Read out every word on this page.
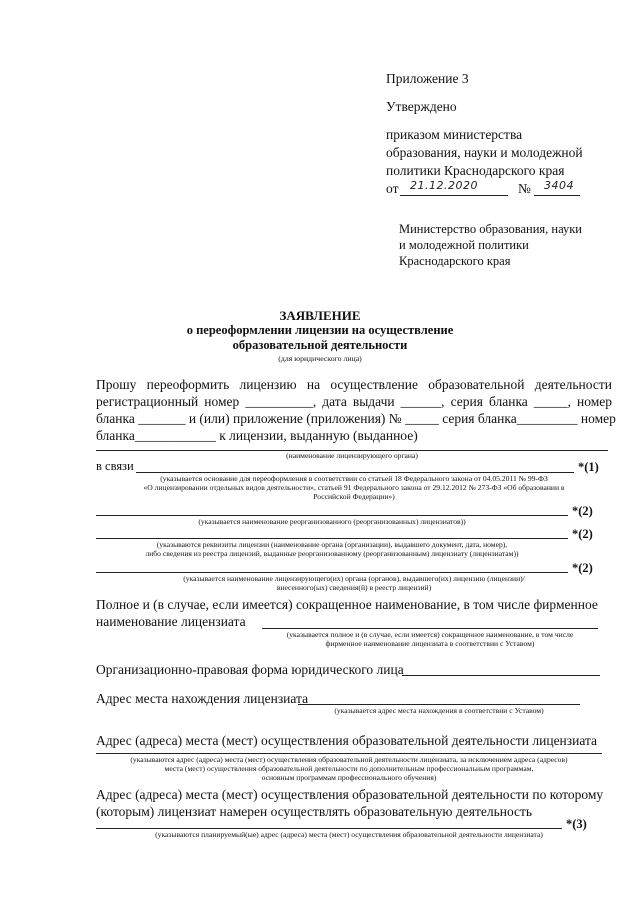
Приложение 3
Утверждено
приказом министерства
образования, науки и молодежной
политики Краснодарского края
от 21.12.2020	№ 3404
Министерство образования, науки
и молодежной политики
Краснодарского края
ЗАЯВЛЕНИЕ
о переоформлении лицензии на осуществление
образовательной деятельности
(для юридического лица)
Прошу переоформить лицензию на осуществление образовательной деятельности
регистрационный номер __________, дата выдачи ______, серия бланка _____, номер
бланка _______ и (или) приложение (приложения) № _____ серия бланка_________ номер
бланка____________ к лицензии, выданную (выданное)
(наименование лицензирующего органа)
в связи	*(1)
(указывается основание для переоформления в соответствии со статьей 18 Федерального закона от 04.05.2011 № 99-ФЗ
«О лицензировании отдельных видов деятельности», статьей 91 Федерального закона от 29.12.2012 № 273-ФЗ «Об образовании в
Российской Федерации»)
*(2)
(указывается наименование реорганизованного (реорганизованных) лицензиатов))
*(2)
(указываются реквизиты лицензии (наименование органа (организации), выдавшего документ, дата, номер),
либо сведения из реестра лицензий, выданные реорганизованному (реорганизованным) лицензиату (лицензиатам))
*(2)
(указывается наименование лицензирующего(их) органа (органов), выдавшего(их) лицензию (лицензии)/
внесенного(ых) сведения(й) в реестр лицензий)
Полное и (в случае, если имеется) сокращенное наименование, в том числе фирменное
наименование лицензиата
(указывается полное и (в случае, если имеется) сокращенное наименование, в том числе
фирменное наименование лицензиата в соответствии с Уставом)
Организационно-правовая форма юридического лица
Адрес места нахождения лицензиата
(указывается адрес места нахождения в соответствии с Уставом)
Адрес (адреса) места (мест) осуществления образовательной деятельности лицензиата
(указываются адрес (адреса) места (мест) осуществления образовательной деятельности лицензиата, за исключением адреса (адресов)
места (мест) осуществления образовательной деятельности по дополнительным профессиональным программам,
основным программам профессионального обучения)
Адрес (адреса) места (мест) осуществления образовательной деятельности по которому
(которым) лицензиат намерен осуществлять образовательную деятельность
*(3)
(указываются планируемый(ые) адрес (адреса) места (мест) осуществления образовательной деятельности лицензиата)
